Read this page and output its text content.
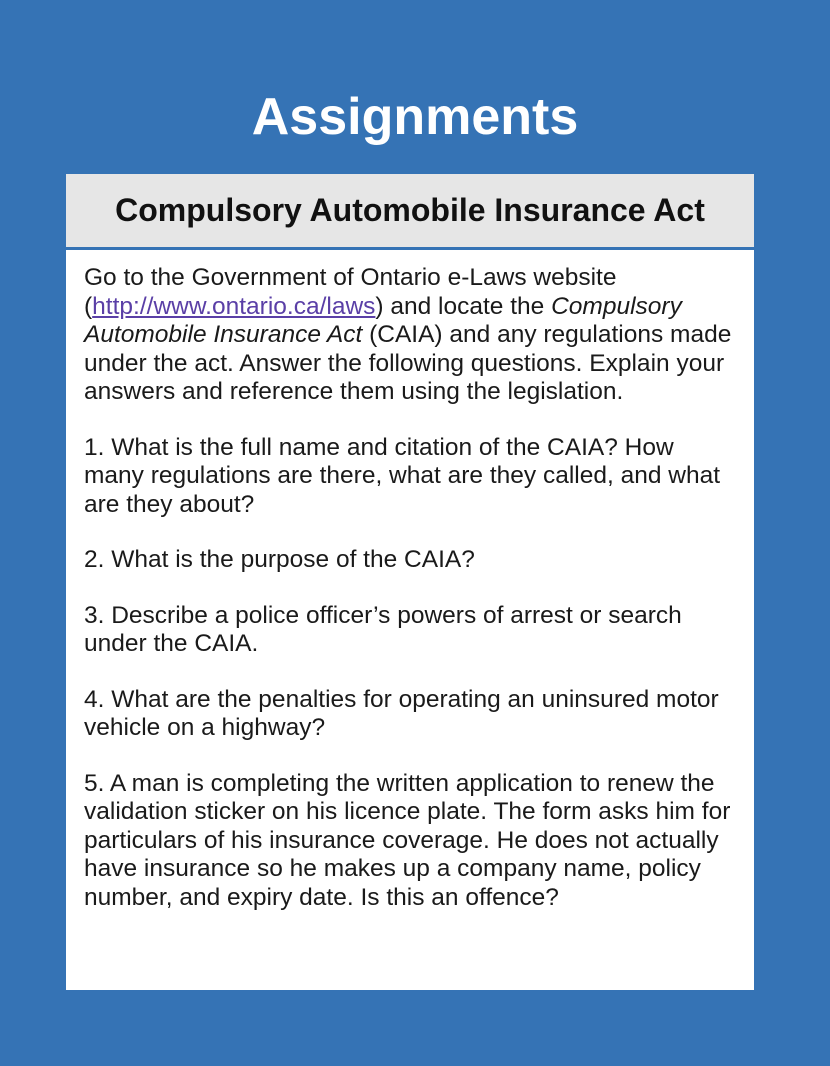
Assignments
Compulsory Automobile Insurance Act

Go to the Government of Ontario e-Laws website (http://www.ontario.ca/laws) and locate the Compulsory Automobile Insurance Act (CAIA) and any regulations made under the act. Answer the following questions. Explain your answers and reference them using the legislation.

1. What is the full name and citation of the CAIA? How many regulations are there, what are they called, and what are they about?

2. What is the purpose of the CAIA?

3. Describe a police officer’s powers of arrest or search under the CAIA.

4. What are the penalties for operating an uninsured motor vehicle on a highway?

5. A man is completing the written application to renew the validation sticker on his licence plate. The form asks him for particulars of his insurance coverage. He does not actually have insurance so he makes up a company name, policy number, and expiry date. Is this an offence?
